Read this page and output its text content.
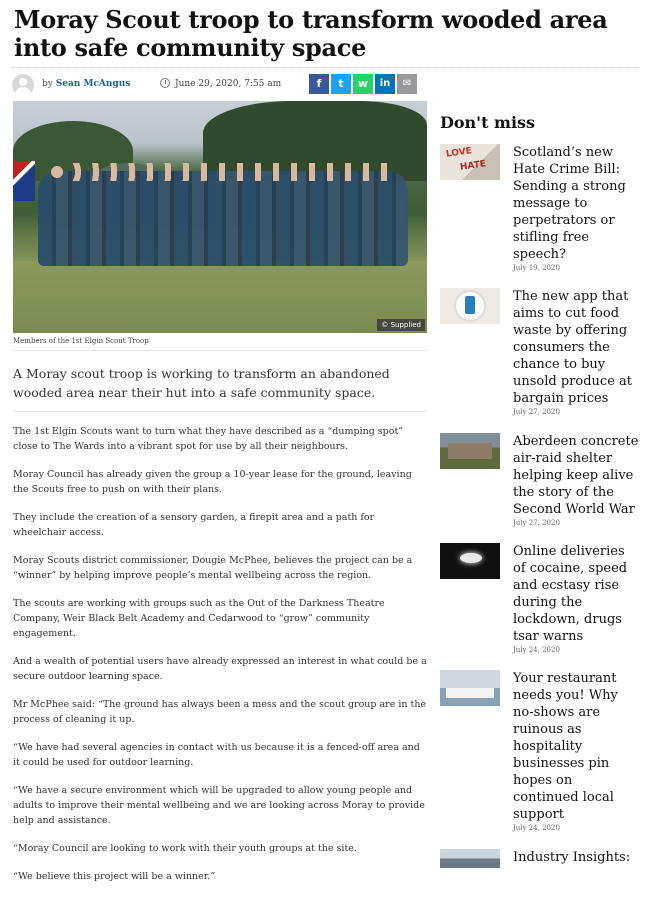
Moray Scout troop to transform wooded area into safe community space
by Sean McAngus	June 29, 2020, 7:55 am	f	t	w	in	✉
© Supplied
Members of the 1st Elgin Scout Troop
A Moray scout troop is working to transform an abandoned wooded area near their hut into a safe community space.

The 1st Elgin Scouts want to turn what they have described as a “dumping spot” close to The Wards into a vibrant spot for use by all their neighbours.

Moray Council has already given the group a 10-year lease for the ground, leaving the Scouts free to push on with their plans.

They include the creation of a sensory garden, a firepit area and a path for wheelchair access.

Moray Scouts district commissioner, Dougie McPhee, believes the project can be a “winner” by helping improve people’s mental wellbeing across the region.

The scouts are working with groups such as the Out of the Darkness Theatre Company, Weir Black Belt Academy and Cedarwood to “grow” community engagement.

And a wealth of potential users have already expressed an interest in what could be a secure outdoor learning space.

Mr McPhee said: “The ground has always been a mess and the scout group are in the process of cleaning it up.

“We have had several agencies in contact with us because it is a fenced-off area and it could be used for outdoor learning.

“We have a secure environment which will be upgraded to allow young people and adults to improve their mental wellbeing and we are looking across Moray to provide help and assistance.

“Moray Council are looking to work with their youth groups at the site.

“We believe this project will be a winner.”

Don't miss
LOVE
HATE
Scotland’s new Hate Crime Bill: Sending a strong message to perpetrators or stifling free speech?
July 19, 2020
The new app that aims to cut food waste by offering consumers the chance to buy unsold produce at bargain prices
July 27, 2020
Aberdeen concrete air-raid shelter helping keep alive the story of the Second World War
July 27, 2020
Online deliveries of cocaine, speed and ecstasy rise during the lockdown, drugs tsar warns
July 24, 2020
Your restaurant needs you! Why no-shows are ruinous as hospitality businesses pin hopes on continued local support
July 24, 2020
Industry Insights:
